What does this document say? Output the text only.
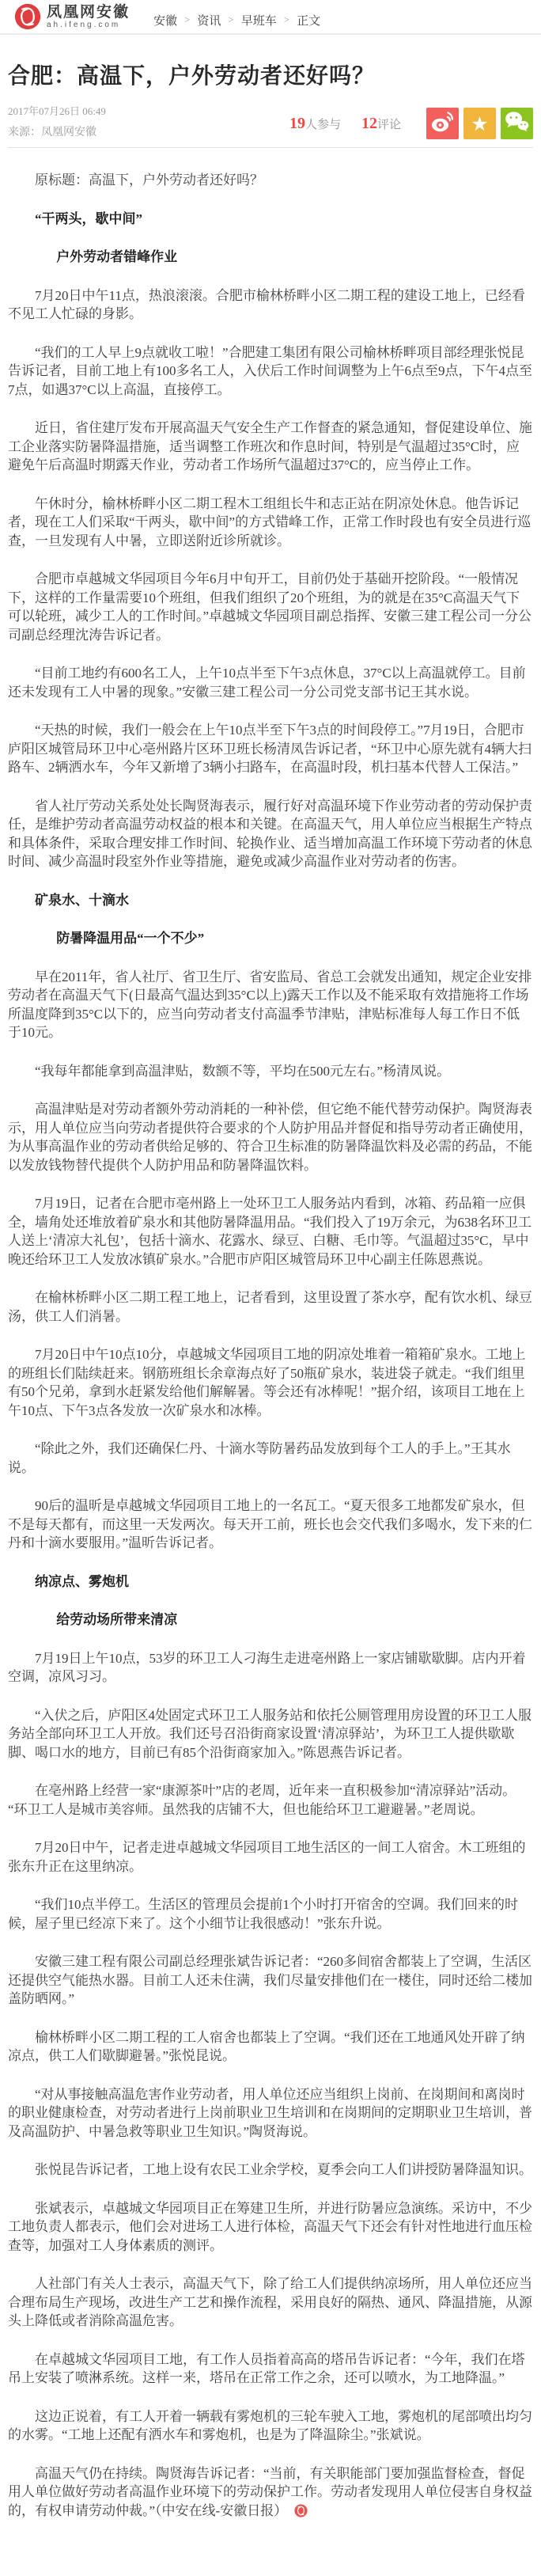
凤凰网安徽
ah.ifeng.com	安徽 > 资讯 > 早班车 > 正文
合肥：高温下，户外劳动者还好吗？
2017年07月26日 06:49
来源：凤凰网安徽
19人参与 12评论	★

原标题：高温下，户外劳动者还好吗？

“干两头，歇中间”

户外劳动者错峰作业

7月20日中午11点，热浪滚滚。合肥市榆林桥畔小区二期工程的建设工地上，已经看不见工人忙碌的身影。

“我们的工人早上9点就收工啦！”合肥建工集团有限公司榆林桥畔项目部经理张悦昆告诉记者，目前工地上有100多名工人，入伏后工作时间调整为上午6点至9点，下午4点至7点，如遇37°C以上高温，直接停工。

近日，省住建厅发布开展高温天气安全生产工作督查的紧急通知，督促建设单位、施工企业落实防暑降温措施，适当调整工作班次和作息时间，特别是气温超过35°C时，应避免午后高温时期露天作业，劳动者工作场所气温超过37°C的，应当停止工作。

午休时分，榆林桥畔小区二期工程木工组组长牛和志正站在阴凉处休息。他告诉记者，现在工人们采取“干两头，歇中间”的方式错峰工作，正常工作时段也有安全员进行巡查，一旦发现有人中暑，立即送附近诊所就诊。

合肥市卓越城文华园项目今年6月中旬开工，目前仍处于基础开挖阶段。“一般情况下，这样的工作量需要10个班组，但我们组织了20个班组，为的就是在35°C高温天气下可以轮班，减少工人的工作时间。”卓越城文华园项目副总指挥、安徽三建工程公司一分公司副总经理沈涛告诉记者。

“目前工地约有600名工人，上午10点半至下午3点休息，37°C以上高温就停工。目前还未发现有工人中暑的现象。”安徽三建工程公司一分公司党支部书记王其水说。

“天热的时候，我们一般会在上午10点半至下午3点的时间段停工。”7月19日，合肥市庐阳区城管局环卫中心亳州路片区环卫班长杨清凤告诉记者，“环卫中心原先就有4辆大扫路车、2辆洒水车，今年又新增了3辆小扫路车，在高温时段，机扫基本代替人工保洁。”

省人社厅劳动关系处处长陶贤海表示，履行好对高温环境下作业劳动者的劳动保护责任，是维护劳动者高温劳动权益的根本和关键。在高温天气，用人单位应当根据生产特点和具体条件，采取合理安排工作时间、轮换作业、适当增加高温工作环境下劳动者的休息时间、减少高温时段室外作业等措施，避免或减少高温作业对劳动者的伤害。

矿泉水、十滴水

防暑降温用品“一个不少”

早在2011年，省人社厅、省卫生厅、省安监局、省总工会就发出通知，规定企业安排劳动者在高温天气下(日最高气温达到35°C以上)露天工作以及不能采取有效措施将工作场所温度降到35°C以下的，应当向劳动者支付高温季节津贴，津贴标准每人每工作日不低于10元。

“我每年都能拿到高温津贴，数额不等，平均在500元左右。”杨清凤说。

高温津贴是对劳动者额外劳动消耗的一种补偿，但它绝不能代替劳动保护。陶贤海表示，用人单位应当向劳动者提供符合要求的个人防护用品并督促和指导劳动者正确使用，为从事高温作业的劳动者供给足够的、符合卫生标准的防暑降温饮料及必需的药品，不能以发放钱物替代提供个人防护用品和防暑降温饮料。

7月19日，记者在合肥市亳州路上一处环卫工人服务站内看到，冰箱、药品箱一应俱全，墙角处还堆放着矿泉水和其他防暑降温用品。“我们投入了19万余元，为638名环卫工人送上‘清凉大礼包’，包括十滴水、花露水、绿豆、白糖、毛巾等。气温超过35°C，早中晚还给环卫工人发放冰镇矿泉水。”合肥市庐阳区城管局环卫中心副主任陈恩燕说。

在榆林桥畔小区二期工程工地上，记者看到，这里设置了茶水亭，配有饮水机、绿豆汤，供工人们消暑。

7月20日中午10点10分，卓越城文华园项目工地的阴凉处堆着一箱箱矿泉水。工地上的班组长们陆续赶来。钢筋班组长余章海点好了50瓶矿泉水，装进袋子就走。“我们组里有50个兄弟，拿到水赶紧发给他们解解暑。等会还有冰棒呢！”据介绍，该项目工地在上午10点、下午3点各发放一次矿泉水和冰棒。

“除此之外，我们还确保仁丹、十滴水等防暑药品发放到每个工人的手上。”王其水说。

90后的温昕是卓越城文华园项目工地上的一名瓦工。“夏天很多工地都发矿泉水，但不是每天都有，而这里一天发两次。每天开工前，班长也会交代我们多喝水，发下来的仁丹和十滴水要服用。”温昕告诉记者。

纳凉点、雾炮机

给劳动场所带来清凉

7月19日上午10点，53岁的环卫工人刁海生走进亳州路上一家店铺歇歇脚。店内开着空调，凉风习习。

“入伏之后，庐阳区4处固定式环卫工人服务站和依托公厕管理用房设置的环卫工人服务站全部向环卫工人开放。我们还号召沿街商家设置‘清凉驿站’，为环卫工人提供歇歇脚、喝口水的地方，目前已有85个沿街商家加入。”陈恩燕告诉记者。

在亳州路上经营一家“康源茶叶”店的老周，近年来一直积极参加“清凉驿站”活动。“环卫工人是城市美容师。虽然我的店铺不大，但也能给环卫工避避暑。”老周说。

7月20日中午，记者走进卓越城文华园项目工地生活区的一间工人宿舍。木工班组的张东升正在这里纳凉。

“我们10点半停工。生活区的管理员会提前1个小时打开宿舍的空调。我们回来的时候，屋子里已经凉下来了。这个小细节让我很感动！”张东升说。

安徽三建工程有限公司副总经理张斌告诉记者：“260多间宿舍都装上了空调，生活区还提供空气能热水器。目前工人还未住满，我们尽量安排他们在一楼住，同时还给二楼加盖防晒网。”

榆林桥畔小区二期工程的工人宿舍也都装上了空调。“我们还在工地通风处开辟了纳凉点，供工人们歇脚避暑。”张悦昆说。

“对从事接触高温危害作业劳动者，用人单位还应当组织上岗前、在岗期间和离岗时的职业健康检查，对劳动者进行上岗前职业卫生培训和在岗期间的定期职业卫生培训，普及高温防护、中暑急救等职业卫生知识。”陶贤海说。

张悦昆告诉记者，工地上设有农民工业余学校，夏季会向工人们讲授防暑降温知识。

张斌表示，卓越城文华园项目正在筹建卫生所，并进行防暑应急演练。采访中，不少工地负责人都表示，他们会对进场工人进行体检，高温天气下还会有针对性地进行血压检查等，加强对工人身体素质的测评。

人社部门有关人士表示，高温天气下，除了给工人们提供纳凉场所，用人单位还应当合理布局生产现场，改进生产工艺和操作流程，采用良好的隔热、通风、降温措施，从源头上降低或者消除高温危害。

在卓越城文华园项目工地，有工作人员指着高高的塔吊告诉记者：“今年，我们在塔吊上安装了喷淋系统。这样一来，塔吊在正常工作之余，还可以喷水，为工地降温。”

这边正说着，有工人开着一辆载有雾炮机的三轮车驶入工地，雾炮机的尾部喷出均匀的水雾。“工地上还配有洒水车和雾炮机，也是为了降温除尘。”张斌说。

高温天气仍在持续。陶贤海告诉记者：“当前，有关职能部门要加强监督检查，督促用人单位做好劳动者高温作业环境下的劳动保护工作。劳动者发现用人单位侵害自身权益的，有权申请劳动仲裁。”（中安在线-安徽日报）
